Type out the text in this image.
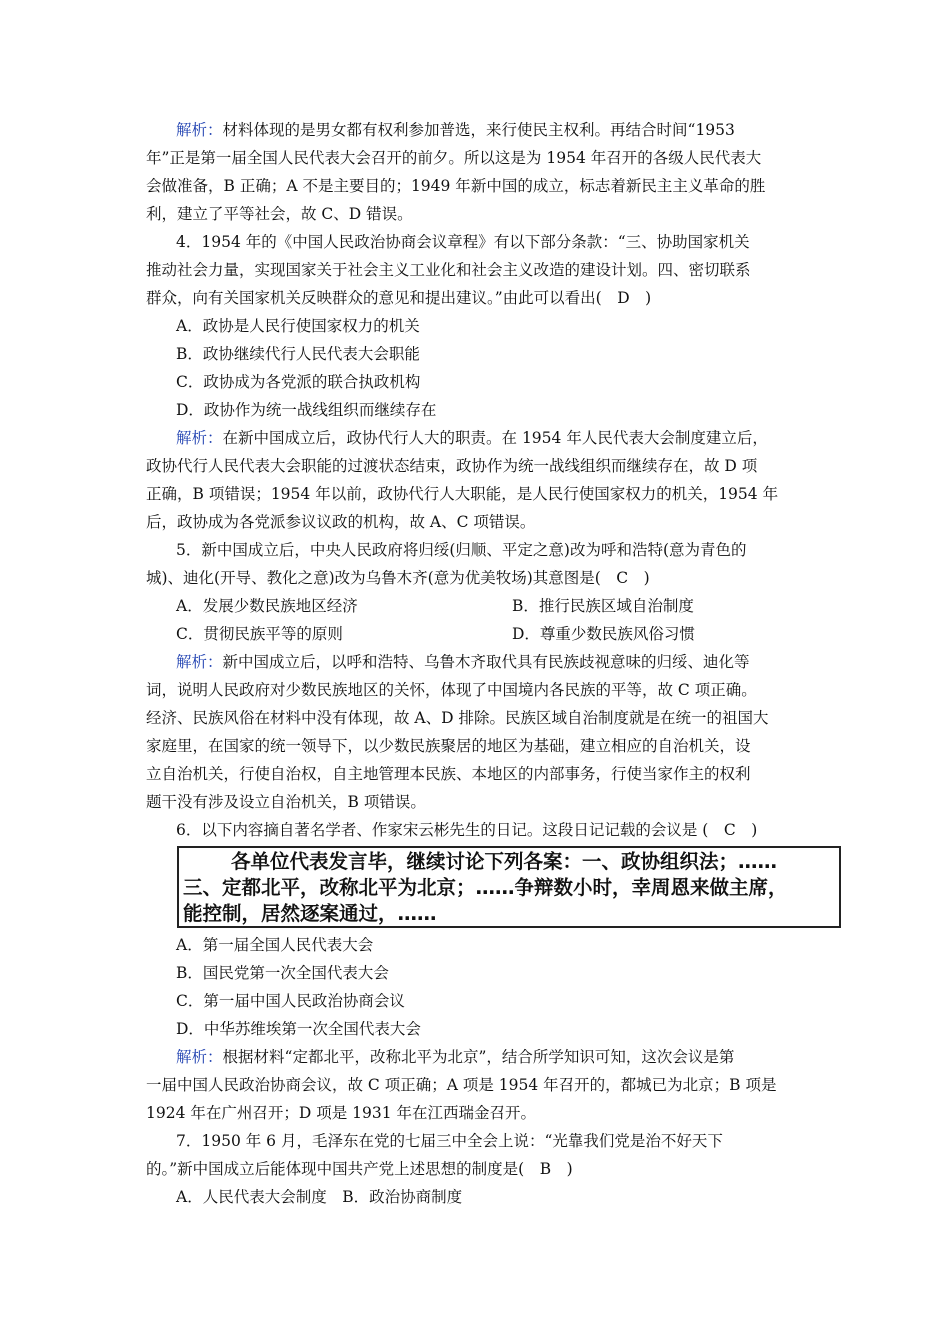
解析：材料体现的是男女都有权利参加普选，来行使民主权利。再结合时间“1953
年”正是第一届全国人民代表大会召开的前夕。所以这是为 1954 年召开的各级人民代表大
会做准备，B 正确；A 不是主要目的；1949 年新中国的成立，标志着新民主主义革命的胜
利，建立了平等社会，故 C、D 错误。
4．1954 年的《中国人民政治协商会议章程》有以下部分条款：“三、协助国家机关
推动社会力量，实现国家关于社会主义工业化和社会主义改造的建设计划。四、密切联系
群众，向有关国家机关反映群众的意见和提出建议。”由此可以看出(　D　)
A．政协是人民行使国家权力的机关
B．政协继续代行人民代表大会职能
C．政协成为各党派的联合执政机构
D．政协作为统一战线组织而继续存在
解析：在新中国成立后，政协代行人大的职责。在 1954 年人民代表大会制度建立后，
政协代行人民代表大会职能的过渡状态结束，政协作为统一战线组织而继续存在，故 D 项
正确，B 项错误；1954 年以前，政协代行人大职能，是人民行使国家权力的机关，1954 年
后，政协成为各党派参议议政的机构，故 A、C 项错误。
5．新中国成立后，中央人民政府将归绥(归顺、平定之意)改为呼和浩特(意为青色的
城)、迪化(开导、教化之意)改为乌鲁木齐(意为优美牧场)其意图是(　C　)
A．发展少数民族地区经济	B．推行民族区域自治制度
C．贯彻民族平等的原则	D．尊重少数民族风俗习惯
解析：新中国成立后，以呼和浩特、乌鲁木齐取代具有民族歧视意味的归绥、迪化等
词，说明人民政府对少数民族地区的关怀，体现了中国境内各民族的平等，故 C 项正确。
经济、民族风俗在材料中没有体现，故 A、D 排除。民族区域自治制度就是在统一的祖国大
家庭里，在国家的统一领导下，以少数民族聚居的地区为基础，建立相应的自治机关，设
立自治机关，行使自治权，自主地管理本民族、本地区的内部事务，行使当家作主的权利
题干没有涉及设立自治机关，B 项错误。
6．以下内容摘自著名学者、作家宋云彬先生的日记。这段日记记载的会议是 (　C　)
各单位代表发言毕，继续讨论下列各案：一、政协组织法；……
三、定都北平，改称北平为北京；……争辩数小时，幸周恩来做主席，
能控制，居然逐案通过，……
A．第一届全国人民代表大会
B．国民党第一次全国代表大会
C．第一届中国人民政治协商会议
D．中华苏维埃第一次全国代表大会
解析：根据材料“定都北平，改称北平为北京”，结合所学知识可知，这次会议是第
一届中国人民政治协商会议，故 C 项正确；A 项是 1954 年召开的，都城已为北京；B 项是
1924 年在广州召开；D 项是 1931 年在江西瑞金召开。
7．1950 年 6 月，毛泽东在党的七届三中全会上说：“光靠我们党是治不好天下
的。”新中国成立后能体现中国共产党上述思想的制度是(　B　)
A．人民代表大会制度　B．政治协商制度
